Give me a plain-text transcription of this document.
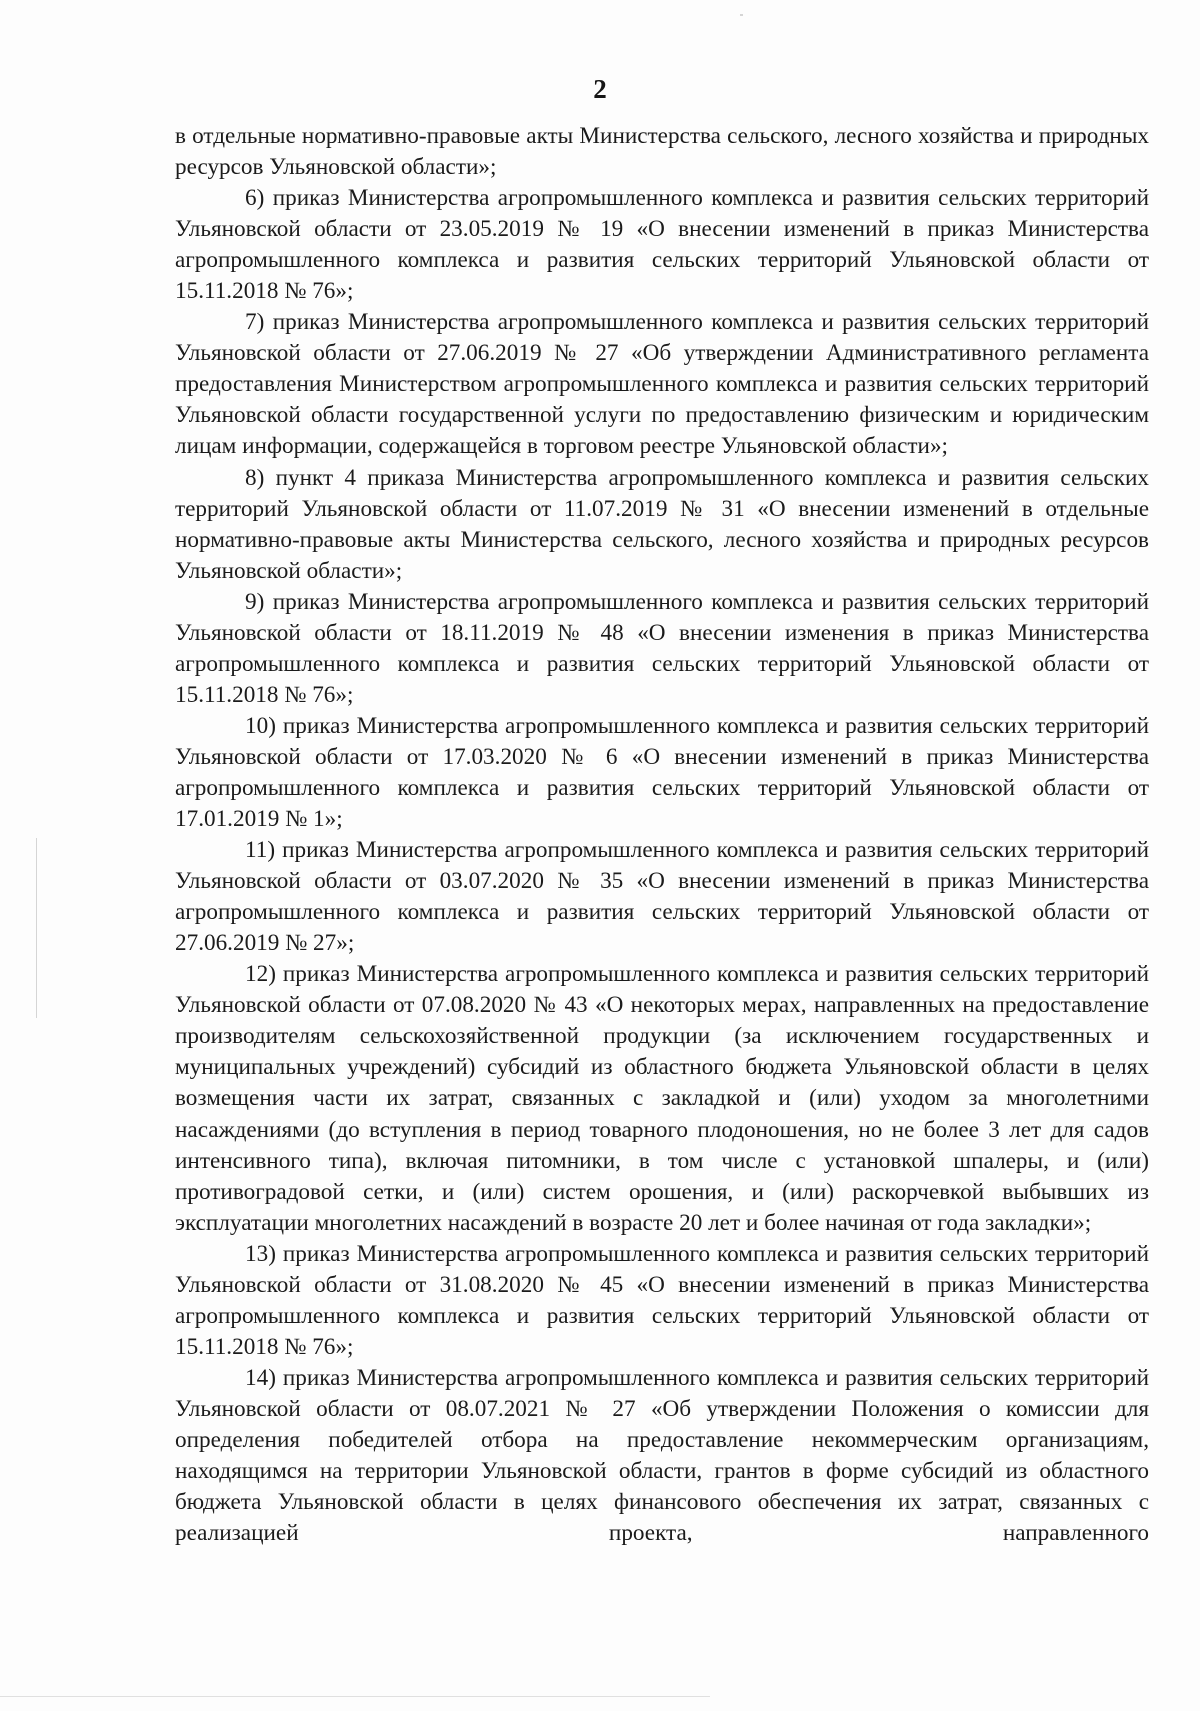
2

в отдельные нормативно-правовые акты Министерства сельского, лесного хозяйства и природных ресурсов Ульяновской области»;

6) приказ Министерства агропромышленного комплекса и развития сельских территорий Ульяновской области от 23.05.2019 № 19 «О внесении изменений в приказ Министерства агропромышленного комплекса и развития сельских территорий Ульяновской области от 15.11.2018 № 76»;

7) приказ Министерства агропромышленного комплекса и развития сельских территорий Ульяновской области от 27.06.2019 № 27 «Об утверждении Административного регламента предоставления Министерством агропромышленного комплекса и развития сельских территорий Ульяновской области государственной услуги по предоставлению физическим и юридическим лицам информации, содержащейся в торговом реестре Ульяновской области»;

8) пункт 4 приказа Министерства агропромышленного комплекса и развития сельских территорий Ульяновской области от 11.07.2019 № 31 «О внесении изменений в отдельные нормативно-правовые акты Министерства сельского, лесного хозяйства и природных ресурсов Ульяновской области»;

9) приказ Министерства агропромышленного комплекса и развития сельских территорий Ульяновской области от 18.11.2019 № 48 «О внесении изменения в приказ Министерства агропромышленного комплекса и развития сельских территорий Ульяновской области от 15.11.2018 № 76»;

10) приказ Министерства агропромышленного комплекса и развития сельских территорий Ульяновской области от 17.03.2020 № 6 «О внесении изменений в приказ Министерства агропромышленного комплекса и развития сельских территорий Ульяновской области от 17.01.2019 № 1»;

11) приказ Министерства агропромышленного комплекса и развития сельских территорий Ульяновской области от 03.07.2020 № 35 «О внесении изменений в приказ Министерства агропромышленного комплекса и развития сельских территорий Ульяновской области от 27.06.2019 № 27»;

12) приказ Министерства агропромышленного комплекса и развития сельских территорий Ульяновской области от 07.08.2020 № 43 «О некоторых мерах, направленных на предоставление производителям сельскохозяйственной продукции (за исключением государственных и муниципальных учреждений) субсидий из областного бюджета Ульяновской области в целях возмещения части их затрат, связанных с закладкой и (или) уходом за многолетними насаждениями (до вступления в период товарного плодоношения, но не более 3 лет для садов интенсивного типа), включая питомники, в том числе с установкой шпалеры, и (или) противоградовой сетки, и (или) систем орошения, и (или) раскорчевкой выбывших из эксплуатации многолетних насаждений в возрасте 20 лет и более начиная от года закладки»;

13) приказ Министерства агропромышленного комплекса и развития сельских территорий Ульяновской области от 31.08.2020 № 45 «О внесении изменений в приказ Министерства агропромышленного комплекса и развития сельских территорий Ульяновской области от 15.11.2018 № 76»;

14) приказ Министерства агропромышленного комплекса и развития сельских территорий Ульяновской области от 08.07.2021 № 27 «Об утверждении Положения о комиссии для определения победителей отбора на предоставление некоммерческим организациям, находящимся на территории Ульяновской области, грантов в форме субсидий из областного бюджета Ульяновской области в целях финансового обеспечения их затрат, связанных с реализацией проекта, направленного
